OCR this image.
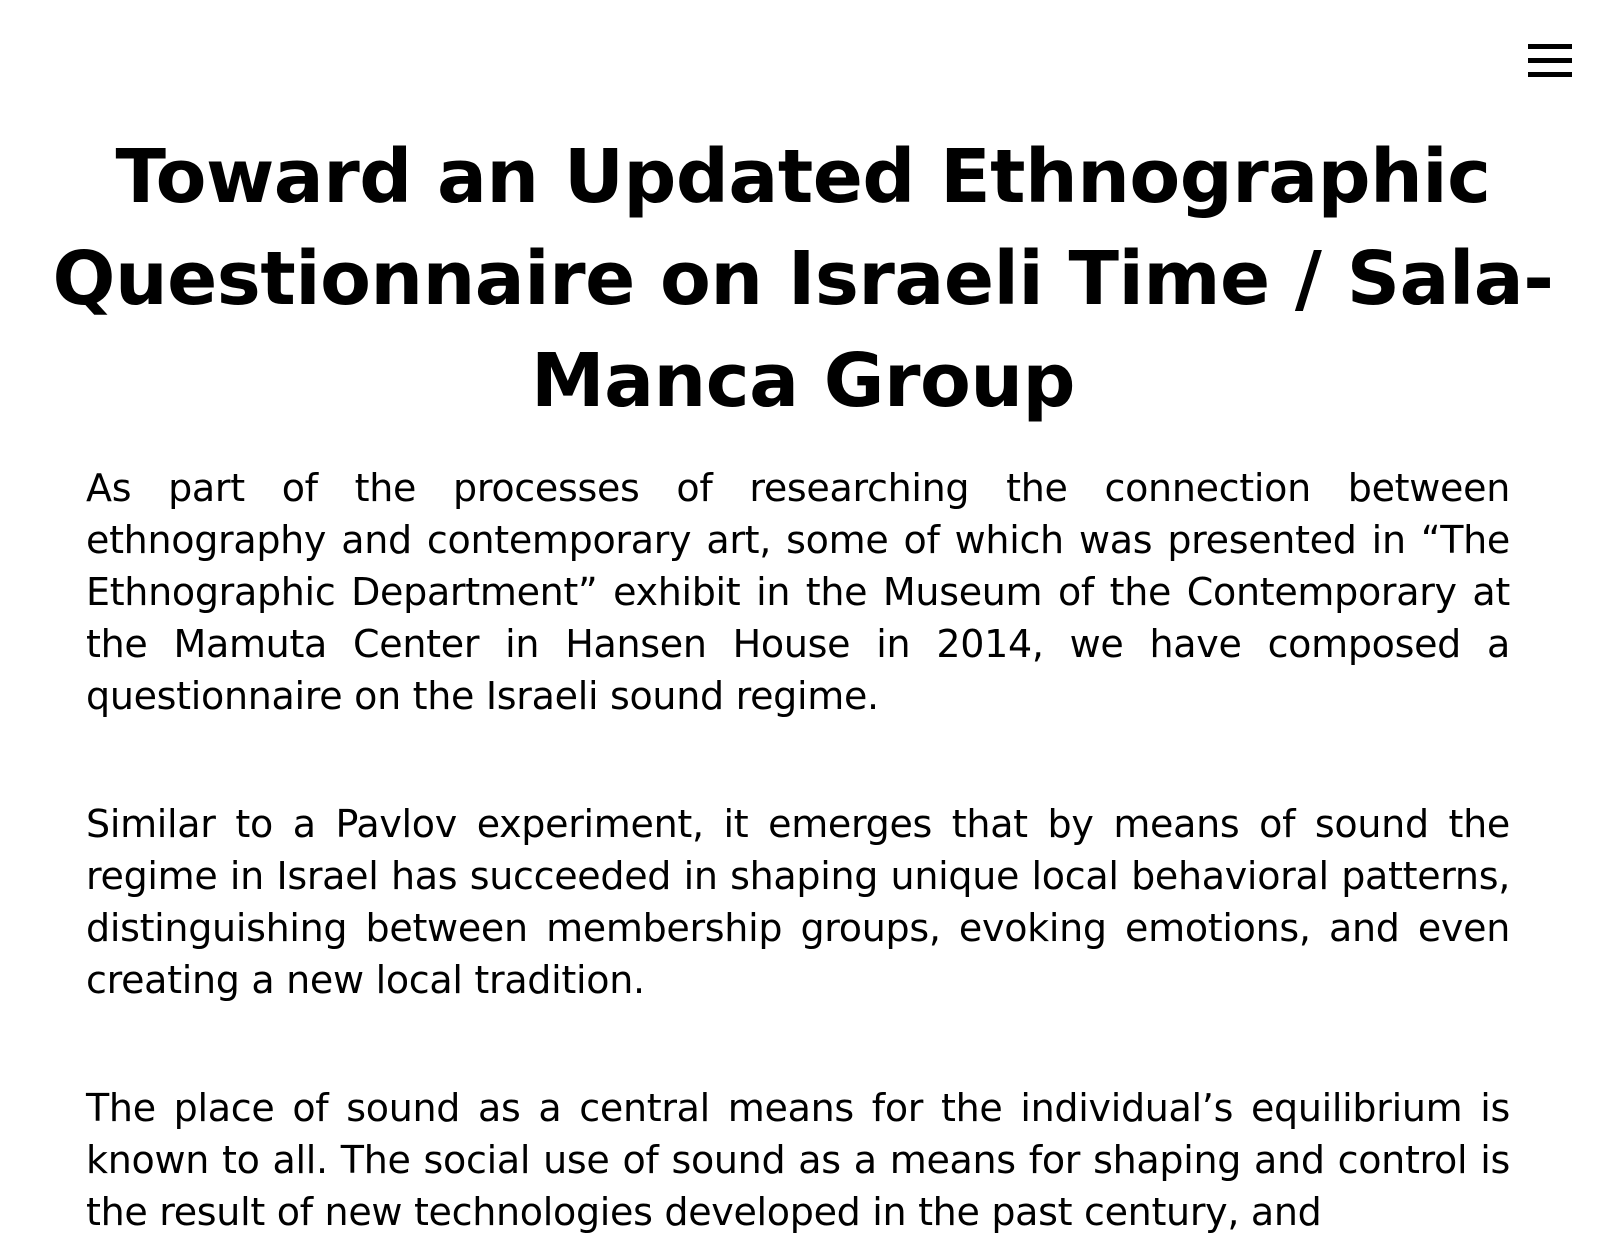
Toward an Updated Ethnographic Questionnaire on Israeli Time / Sala-Manca Group

As part of the processes of researching the connection between ethnography and contemporary art, some of which was presented in “The Ethnographic Department” exhibit in the Museum of the Contemporary at the Mamuta Center in Hansen House in 2014, we have composed a questionnaire on the Israeli sound regime.

Similar to a Pavlov experiment, it emerges that by means of sound the regime in Israel has succeeded in shaping unique local behavioral patterns, distinguishing between membership groups, evoking emotions, and even creating a new local tradition.

The place of sound as a central means for the individual’s equilibrium is known to all. The social use of sound as a means for shaping and control is the result of new technologies developed in the past century, and
